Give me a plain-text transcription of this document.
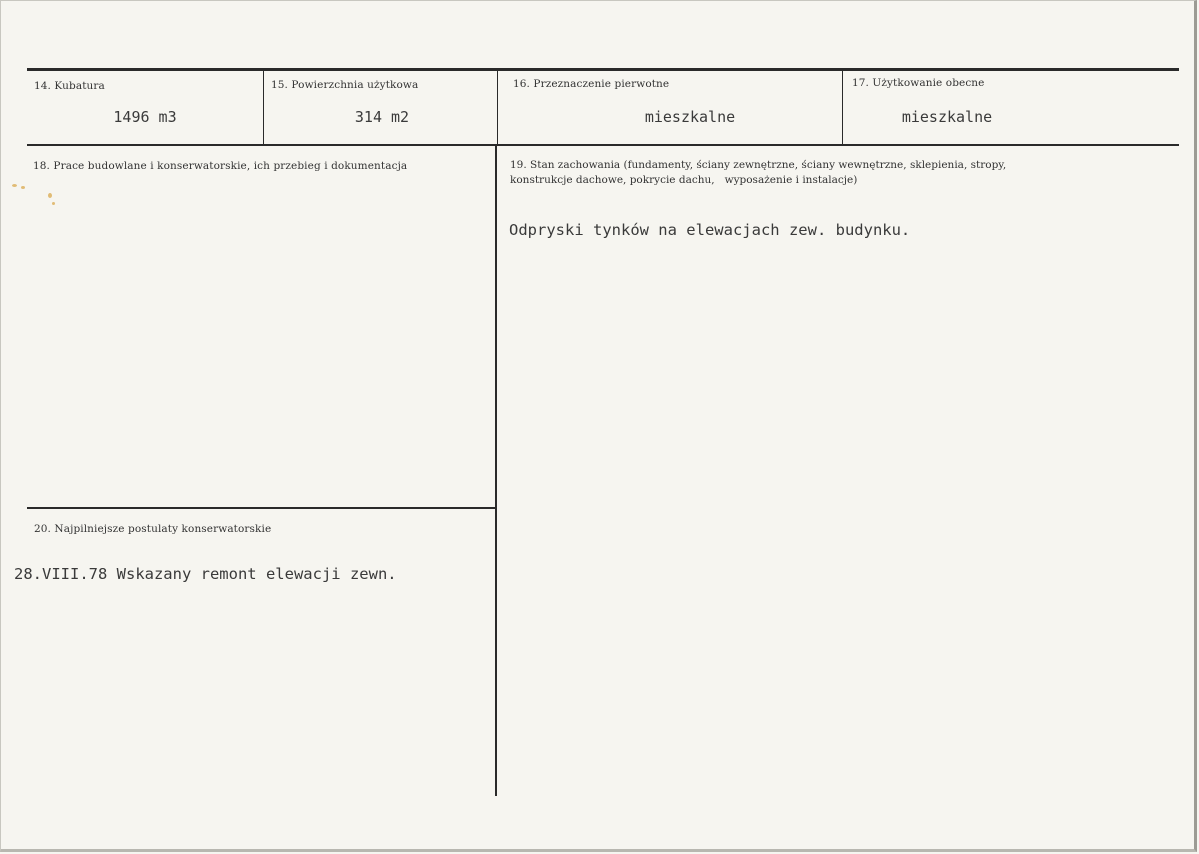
14. Kubatura
1496 m3
15. Powierzchnia użytkowa
314 m2
16. Przeznaczenie pierwotne
mieszkalne
17. Użytkowanie obecne
mieszkalne
18. Prace budowlane i konserwatorskie, ich przebieg i dokumentacja	19. Stan zachowania (fundamenty, ściany zewnętrzne, ściany wewnętrzne, sklepienia, stropy,
konstrukcje dachowe, pokrycie dachu,   wyposażenie i instalacje)
Odpryski tynków na elewacjach zew. budynku.
20. Najpilniejsze postulaty konserwatorskie
28.VIII.78 Wskazany remont elewacji zewn.
